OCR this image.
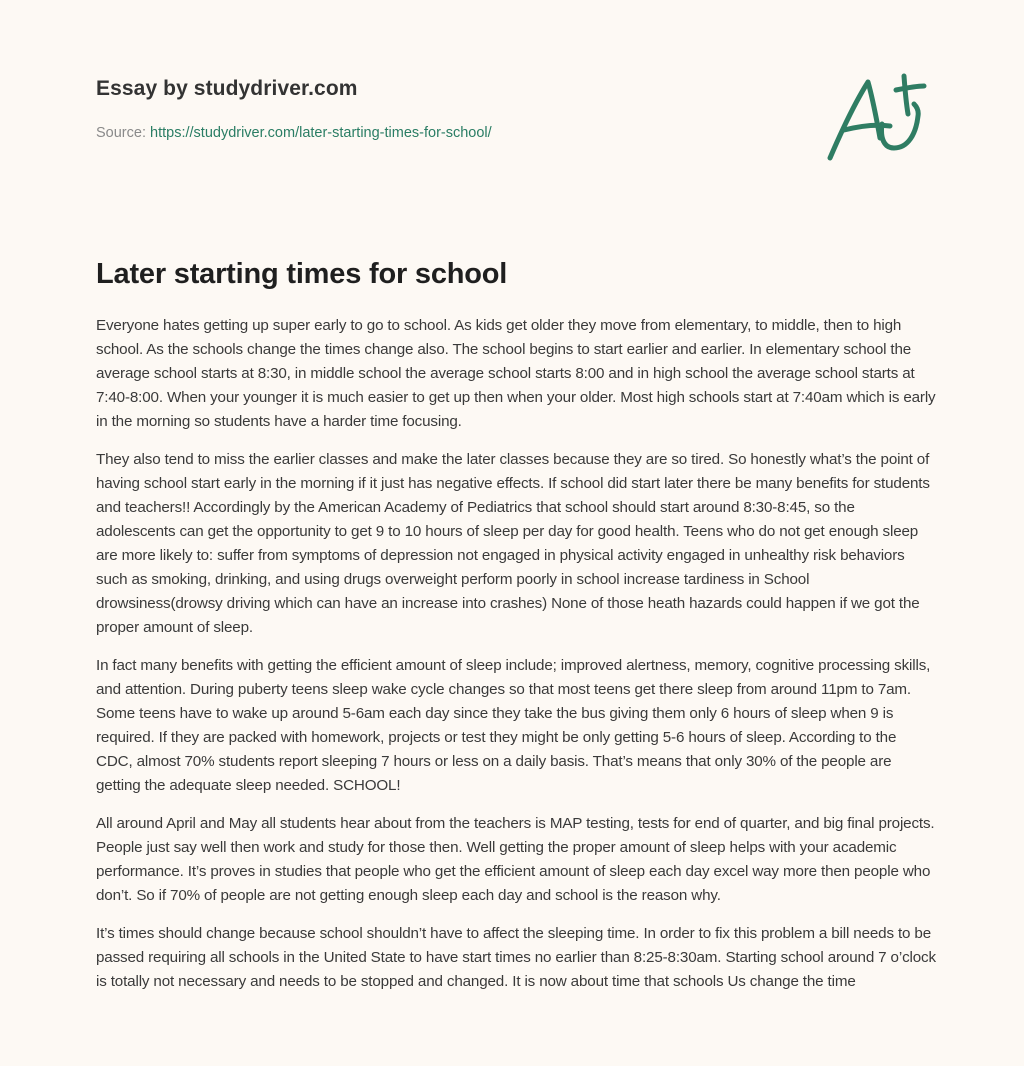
Essay by studydriver.com
Source: https://studydriver.com/later-starting-times-for-school/
Later starting times for school

Everyone hates getting up super early to go to school. As kids get older they move from elementary, to middle, then to high school. As the schools change the times change also. The school begins to start earlier and earlier. In elementary school the average school starts at 8:30, in middle school the average school starts 8:00 and in high school the average school starts at 7:40-8:00. When your younger it is much easier to get up then when your older. Most high schools start at 7:40am which is early in the morning so students have a harder time focusing.

They also tend to miss the earlier classes and make the later classes because they are so tired. So honestly what’s the point of having school start early in the morning if it just has negative effects. If school did start later there be many benefits for students and teachers!! Accordingly by the American Academy of Pediatrics that school should start around 8:30-8:45, so the adolescents can get the opportunity to get 9 to 10 hours of sleep per day for good health. Teens who do not get enough sleep are more likely to: suffer from symptoms of depression not engaged in physical activity engaged in unhealthy risk behaviors such as smoking, drinking, and using drugs overweight perform poorly in school increase tardiness in School drowsiness(drowsy driving which can have an increase into crashes) None of those heath hazards could happen if we got the proper amount of sleep.

In fact many benefits with getting the efficient amount of sleep include; improved alertness, memory, cognitive processing skills, and attention. During puberty teens sleep wake cycle changes so that most teens get there sleep from around 11pm to 7am. Some teens have to wake up around 5-6am each day since they take the bus giving them only 6 hours of sleep when 9 is required. If they are packed with homework, projects or test they might be only getting 5-6 hours of sleep. According to the CDC, almost 70% students report sleeping 7 hours or less on a daily basis. That’s means that only 30% of the people are getting the adequate sleep needed. SCHOOL!

All around April and May all students hear about from the teachers is MAP testing, tests for end of quarter, and big final projects. People just say well then work and study for those then. Well getting the proper amount of sleep helps with your academic performance. It’s proves in studies that people who get the efficient amount of sleep each day excel way more then people who don’t. So if 70% of people are not getting enough sleep each day and school is the reason why.

It’s times should change because school shouldn’t have to affect the sleeping time. In order to fix this problem a bill needs to be passed requiring all schools in the United State to have start times no earlier than 8:25-8:30am. Starting school around 7 o’clock is totally not necessary and needs to be stopped and changed. It is now about time that schools Us change the time
